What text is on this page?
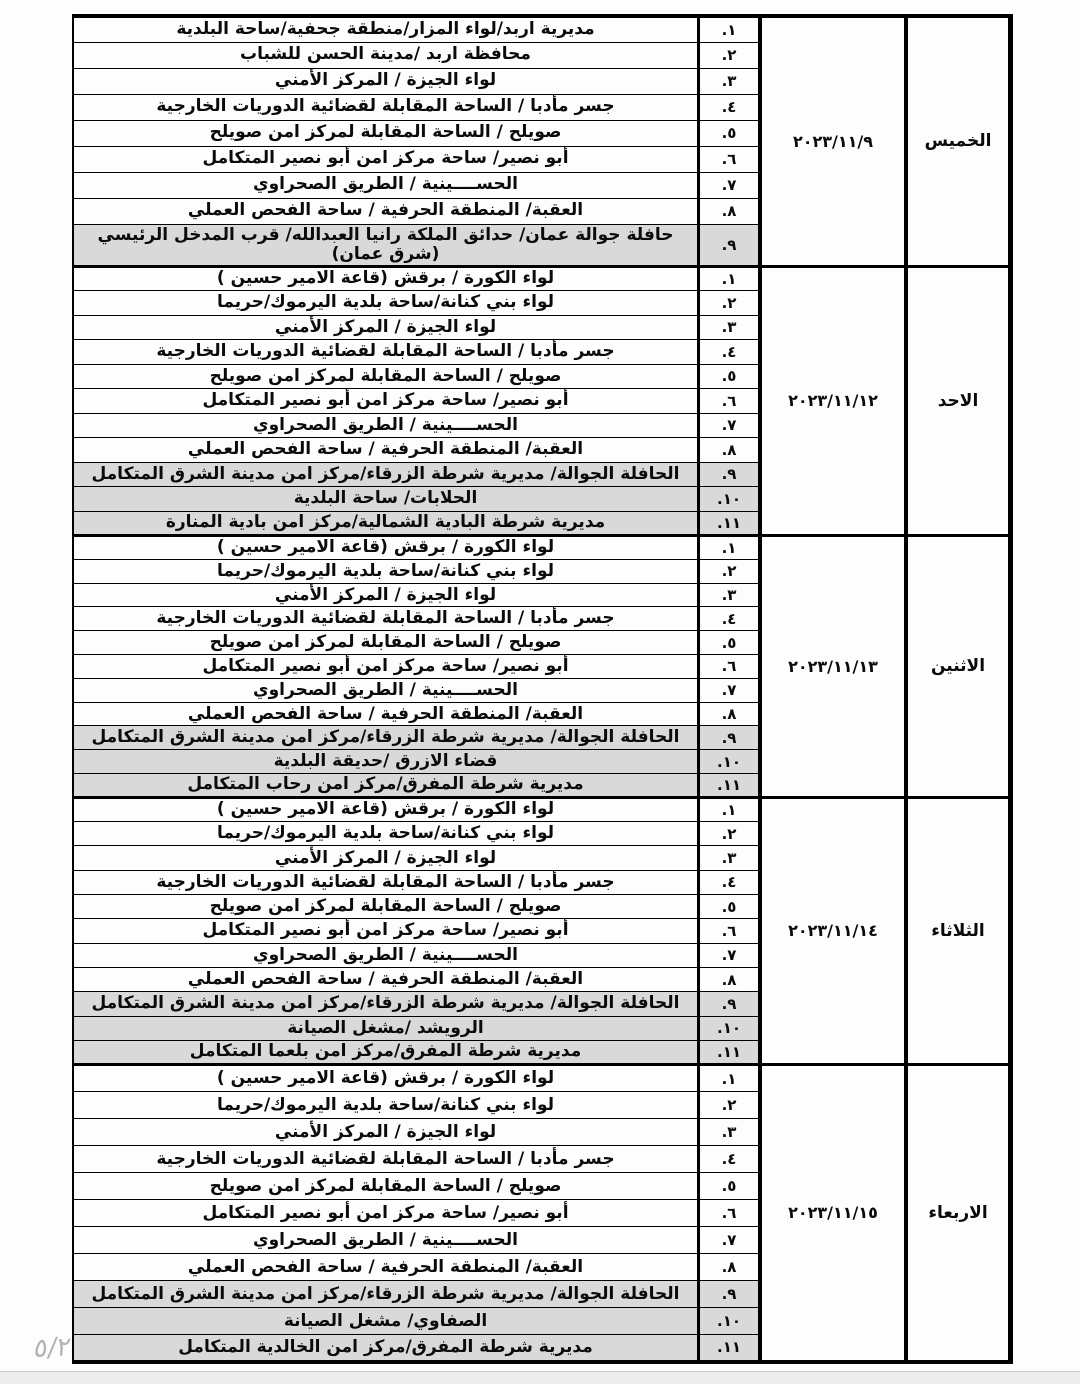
الخميس	٢٠٢٣/١١/٩	١.	مديرية اربد/لواء المزار/منطقة جحفية/ساحة البلدية
		٢.	محافظة اربد /مدينة الحسن للشباب
		٣.	لواء الجيزة / المركز الأمني
		٤.	جسر مأدبا / الساحة المقابلة لقضائية الدوريات الخارجية
		٥.	صويلح / الساحة المقابلة لمركز امن صويلح
		٦.	أبو نصير/ ساحة مركز امن أبو نصير المتكامل
		٧.	الحســــينية / الطريق الصحراوي
		٨.	العقبة/ المنطقة الحرفية / ساحة الفحص العملي
		٩.	حافلة جوالة عمان/ حدائق الملكة رانيا العبدالله/ قرب المدخل الرئيسي (شرق عمان)
الاحد	٢٠٢٣/١١/١٢	١.	لواء الكورة / برقش (قاعة الامير حسين )
		٢.	لواء بني كنانة/ساحة بلدية اليرموك/حريما
		٣.	لواء الجيزة / المركز الأمني
		٤.	جسر مأدبا / الساحة المقابلة لقضائية الدوريات الخارجية
		٥.	صويلح / الساحة المقابلة لمركز امن صويلح
		٦.	أبو نصير/ ساحة مركز امن أبو نصير المتكامل
		٧.	الحســــينية / الطريق الصحراوي
		٨.	العقبة/ المنطقة الحرفية / ساحة الفحص العملي
		٩.	الحافلة الجوالة/ مديرية شرطة الزرقاء/مركز امن مدينة الشرق المتكامل
		١٠.	الحلابات/ ساحة البلدية
		١١.	مديرية شرطة البادية الشمالية/مركز امن بادية المنارة
الاثنين	٢٠٢٣/١١/١٣	١.	لواء الكورة / برقش (قاعة الامير حسين )
		٢.	لواء بني كنانة/ساحة بلدية اليرموك/حريما
		٣.	لواء الجيزة / المركز الأمني
		٤.	جسر مأدبا / الساحة المقابلة لقضائية الدوريات الخارجية
		٥.	صويلح / الساحة المقابلة لمركز امن صويلح
		٦.	أبو نصير/ ساحة مركز امن أبو نصير المتكامل
		٧.	الحســــينية / الطريق الصحراوي
		٨.	العقبة/ المنطقة الحرفية / ساحة الفحص العملي
		٩.	الحافلة الجوالة/ مديرية شرطة الزرقاء/مركز امن مدينة الشرق المتكامل
		١٠.	قضاء الازرق /حديقة البلدية
		١١.	مديرية شرطة المفرق/مركز امن رحاب المتكامل
الثلاثاء	٢٠٢٣/١١/١٤	١.	لواء الكورة / برقش (قاعة الامير حسين )
		٢.	لواء بني كنانة/ساحة بلدية اليرموك/حريما
		٣.	لواء الجيزة / المركز الأمني
		٤.	جسر مأدبا / الساحة المقابلة لقضائية الدوريات الخارجية
		٥.	صويلح / الساحة المقابلة لمركز امن صويلح
		٦.	أبو نصير/ ساحة مركز امن أبو نصير المتكامل
		٧.	الحســــينية / الطريق الصحراوي
		٨.	العقبة/ المنطقة الحرفية / ساحة الفحص العملي
		٩.	الحافلة الجوالة/ مديرية شرطة الزرقاء/مركز امن مدينة الشرق المتكامل
		١٠.	الرويشد /مشغل الصيانة
		١١.	مديرية شرطة المفرق/مركز امن بلعما المتكامل
الاربعاء	٢٠٢٣/١١/١٥	١.	لواء الكورة / برقش (قاعة الامير حسين )
		٢.	لواء بني كنانة/ساحة بلدية اليرموك/حريما
		٣.	لواء الجيزة / المركز الأمني
		٤.	جسر مأدبا / الساحة المقابلة لقضائية الدوريات الخارجية
		٥.	صويلح / الساحة المقابلة لمركز امن صويلح
		٦.	أبو نصير/ ساحة مركز امن أبو نصير المتكامل
		٧.	الحســــينية / الطريق الصحراوي
		٨.	العقبة/ المنطقة الحرفية / ساحة الفحص العملي
		٩.	الحافلة الجوالة/ مديرية شرطة الزرقاء/مركز امن مدينة الشرق المتكامل
		١٠.	الصفاوي/ مشغل الصيانة
		١١.	مديرية شرطة المفرق/مركز امن الخالدية المتكامل
٥/٢
